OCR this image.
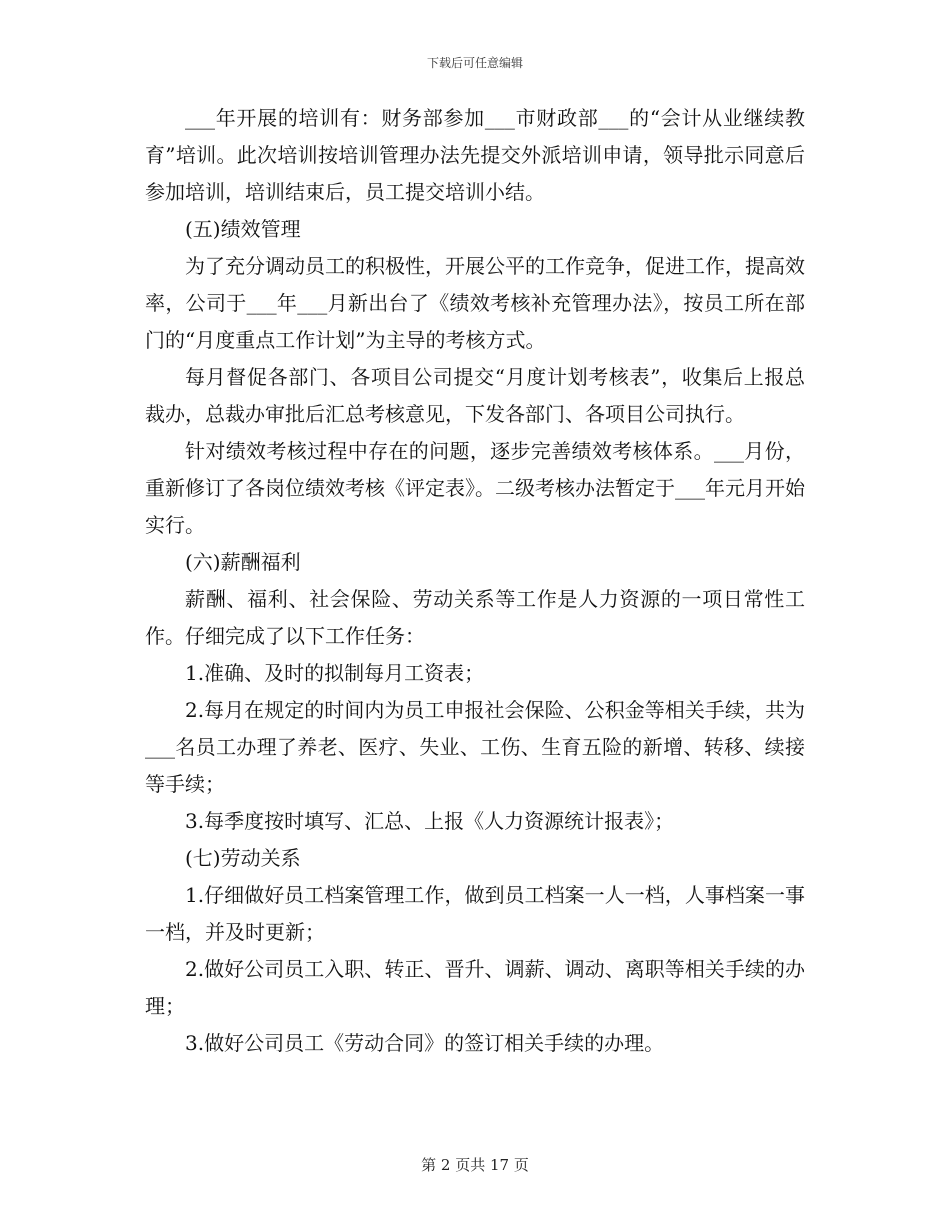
下载后可任意编辑

___年开展的培训有：财务部参加___市财政部___的“会计从业继续教育”培训。此次培训按培训管理办法先提交外派培训申请，领导批示同意后参加培训，培训结束后，员工提交培训小结。

(五)绩效管理

为了充分调动员工的积极性，开展公平的工作竞争，促进工作，提高效率，公司于___年___月新出台了《绩效考核补充管理办法》，按员工所在部门的“月度重点工作计划”为主导的考核方式。

每月督促各部门、各项目公司提交“月度计划考核表”，收集后上报总裁办，总裁办审批后汇总考核意见，下发各部门、各项目公司执行。

针对绩效考核过程中存在的问题，逐步完善绩效考核体系。___月份，重新修订了各岗位绩效考核《评定表》。二级考核办法暂定于___年元月开始实行。

(六)薪酬福利

薪酬、福利、社会保险、劳动关系等工作是人力资源的一项日常性工作。仔细完成了以下工作任务：

1.准确、及时的拟制每月工资表；

2.每月在规定的时间内为员工申报社会保险、公积金等相关手续，共为___名员工办理了养老、医疗、失业、工伤、生育五险的新增、转移、续接等手续；

3.每季度按时填写、汇总、上报《人力资源统计报表》；

(七)劳动关系

1.仔细做好员工档案管理工作，做到员工档案一人一档，人事档案一事一档，并及时更新；

2.做好公司员工入职、转正、晋升、调薪、调动、离职等相关手续的办理；

3.做好公司员工《劳动合同》的签订相关手续的办理。

第 2 页共 17 页
